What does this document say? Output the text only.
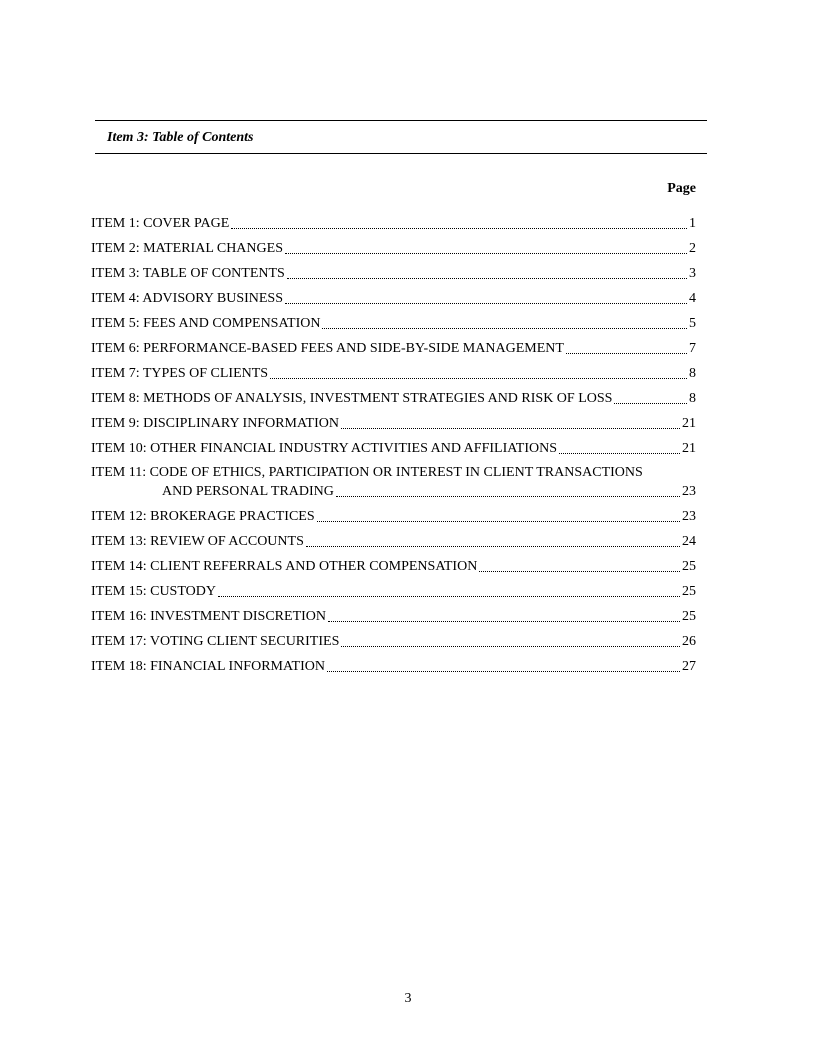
Item 3: Table of Contents
Page
ITEM 1: COVER PAGE	1
ITEM 2: MATERIAL CHANGES	2
ITEM 3: TABLE OF CONTENTS	3
ITEM 4: ADVISORY BUSINESS	4
ITEM 5: FEES AND COMPENSATION	5
ITEM 6: PERFORMANCE-BASED FEES AND SIDE-BY-SIDE MANAGEMENT	7
ITEM 7: TYPES OF CLIENTS	8
ITEM 8: METHODS OF ANALYSIS, INVESTMENT STRATEGIES AND RISK OF LOSS	8
ITEM 9: DISCIPLINARY INFORMATION	21
ITEM 10: OTHER FINANCIAL INDUSTRY ACTIVITIES AND AFFILIATIONS	21
ITEM 11: CODE OF ETHICS, PARTICIPATION OR INTEREST IN CLIENT TRANSACTIONS
AND PERSONAL TRADING	23
ITEM 12: BROKERAGE PRACTICES	23
ITEM 13: REVIEW OF ACCOUNTS	24
ITEM 14: CLIENT REFERRALS AND OTHER COMPENSATION	25
ITEM 15: CUSTODY	25
ITEM 16: INVESTMENT DISCRETION	25
ITEM 17: VOTING CLIENT SECURITIES	26
ITEM 18: FINANCIAL INFORMATION	27
3
